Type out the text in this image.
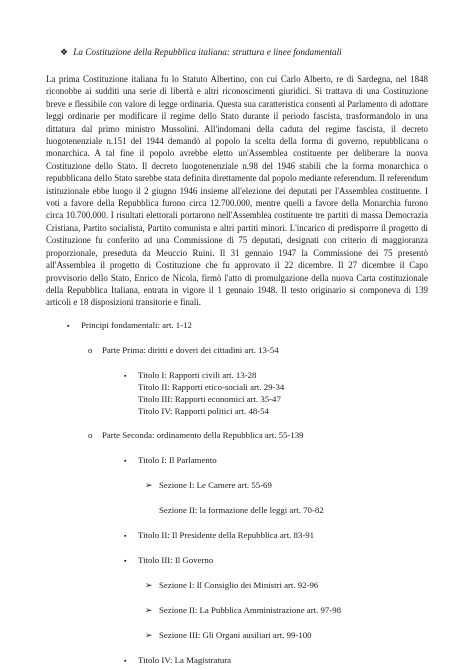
❖ La Costituzione della Repubblica italiana: struttura e linee fondamentali

La prima Costituzione italiana fu lo Statuto Albertino, con cui Carlo Alberto, re di Sardegna, nel 1848 riconobbe ai sudditi una serie di libertà e altri riconoscimenti giuridici. Si trattava di una Costituzione breve e flessibile con valore di legge ordinaria. Questa sua caratteristica consentì al Parlamento di adottare leggi ordinarie per modificare il regime dello Stato durante il periodo fascista, trasformandolo in una dittatura dal primo ministro Mussolini. All'indomani della caduta del regime fascista, il decreto luogotenenziale n.151 del 1944 demandò al popolo la scelta della forma di governo, repubblicana o monarchica. A tal fine il popolo avrebbe eletto un'Assemblea costituente per deliberare la nuova Costituzione dello Stato. Il decreto luogotenenziale n.98 del 1946 stabilì che la forma monarchica o repubblicana dello Stato sarebbe stata definita direttamente dal popolo mediante referendum. Il referendum istituzionale ebbe luogo il 2 giugno 1946 insieme all'elezione dei deputati per l'Assemblea costituente. I voti a favore della Repubblica furono circa 12.700.000, mentre quelli a favore della Monarchia furono circa 10.700.000. I risultati elettorali portarono nell'Assemblea costituente tre partiti di massa Democrazia Cristiana, Partito socialista, Partito comunista e altri partiti minori. L'incarico di predisporre il progetto di Costituzione fu conferito ad una Commissione di 75 deputati, designati con criterio di maggioranza proporzionale, preseduta da Meuccio Ruini. Il 31 gennaio 1947 la Commissione dei 75 presentò all'Assemblea il progetto di Costituzione che fu approvato il 22 dicembre. Il 27 dicembre il Capo provvisorio dello Stato, Enrico de Nicola, firmò l'atto di promulgazione della nuova Carta costituzionale della Repubblica Italiana, entrata in vigore il 1 gennaio 1948. Il testo originario si componeva di 139 articoli e 18 disposizioni transitorie e finali.

▪ Principi fondamentali: art. 1-12
o Parte Prima: diritti e doveri dei cittadini art. 13-54
▪ Titolo I: Rapporti civili art. 13-28
Titolo II: Rapporti etico-sociali art. 29-34
Titolo III: Rapporti economici art. 35-47
Titolo IV: Rapporti politici art. 48-54
o Parte Seconda: ordinamento della Repubblica art. 55-139
▪ Titolo I: Il Parlamento
➢ Sezione I: Le Camere art. 55-69
Sezione II: la formazione delle leggi art. 70-82
▪ Titolo II: Il Presidente della Repubblica art. 83-91
▪ Titolo III: Il Governo
➢ Sezione I: Il Consiglio dei Ministri art. 92-96
➢ Sezione II: La Pubblica Amministrazione art. 97-98
➢ Sezione III: Gli Organi ausiliari art. 99-100
▪ Titolo IV: La Magistratura
